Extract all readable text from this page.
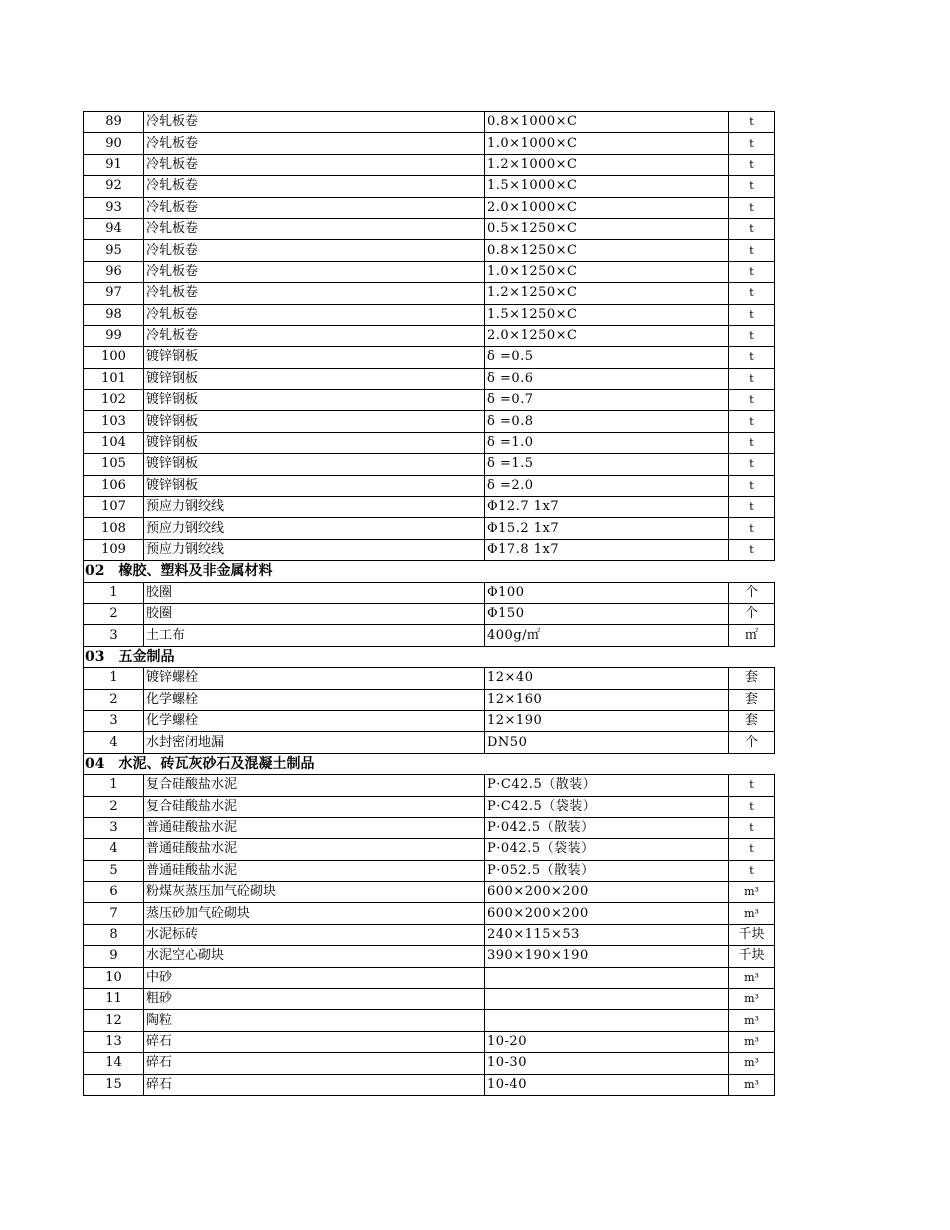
89	冷轧板卷	0.8×1000×C	t
90	冷轧板卷	1.0×1000×C	t
91	冷轧板卷	1.2×1000×C	t
92	冷轧板卷	1.5×1000×C	t
93	冷轧板卷	2.0×1000×C	t
94	冷轧板卷	0.5×1250×C	t
95	冷轧板卷	0.8×1250×C	t
96	冷轧板卷	1.0×1250×C	t
97	冷轧板卷	1.2×1250×C	t
98	冷轧板卷	1.5×1250×C	t
99	冷轧板卷	2.0×1250×C	t
100	镀锌钢板	δ =0.5	t
101	镀锌钢板	δ =0.6	t
102	镀锌钢板	δ =0.7	t
103	镀锌钢板	δ =0.8	t
104	镀锌钢板	δ =1.0	t
105	镀锌钢板	δ =1.5	t
106	镀锌钢板	δ =2.0	t
107	预应力钢绞线	Φ12.7 1x7	t
108	预应力钢绞线	Φ15.2 1x7	t
109	预应力钢绞线	Φ17.8 1x7	t
02 橡胶、塑料及非金属材料			
1	胶圈	Φ100	个
2	胶圈	Φ150	个
3	土工布	400g/㎡	㎡
03 五金制品			
1	镀锌螺栓	12×40	套
2	化学螺栓	12×160	套
3	化学螺栓	12×190	套
4	水封密闭地漏	DN50	个
04 水泥、砖瓦灰砂石及混凝土制品			
1	复合硅酸盐水泥	P·C42.5（散装）	t
2	复合硅酸盐水泥	P·C42.5（袋装）	t
3	普通硅酸盐水泥	P·042.5（散装）	t
4	普通硅酸盐水泥	P·042.5（袋装）	t
5	普通硅酸盐水泥	P·052.5（散装）	t
6	粉煤灰蒸压加气砼砌块	600×200×200	m³
7	蒸压砂加气砼砌块	600×200×200	m³
8	水泥标砖	240×115×53	千块
9	水泥空心砌块	390×190×190	千块
10	中砂		m³
11	粗砂		m³
12	陶粒		m³
13	碎石	10-20	m³
14	碎石	10-30	m³
15	碎石	10-40	m³
